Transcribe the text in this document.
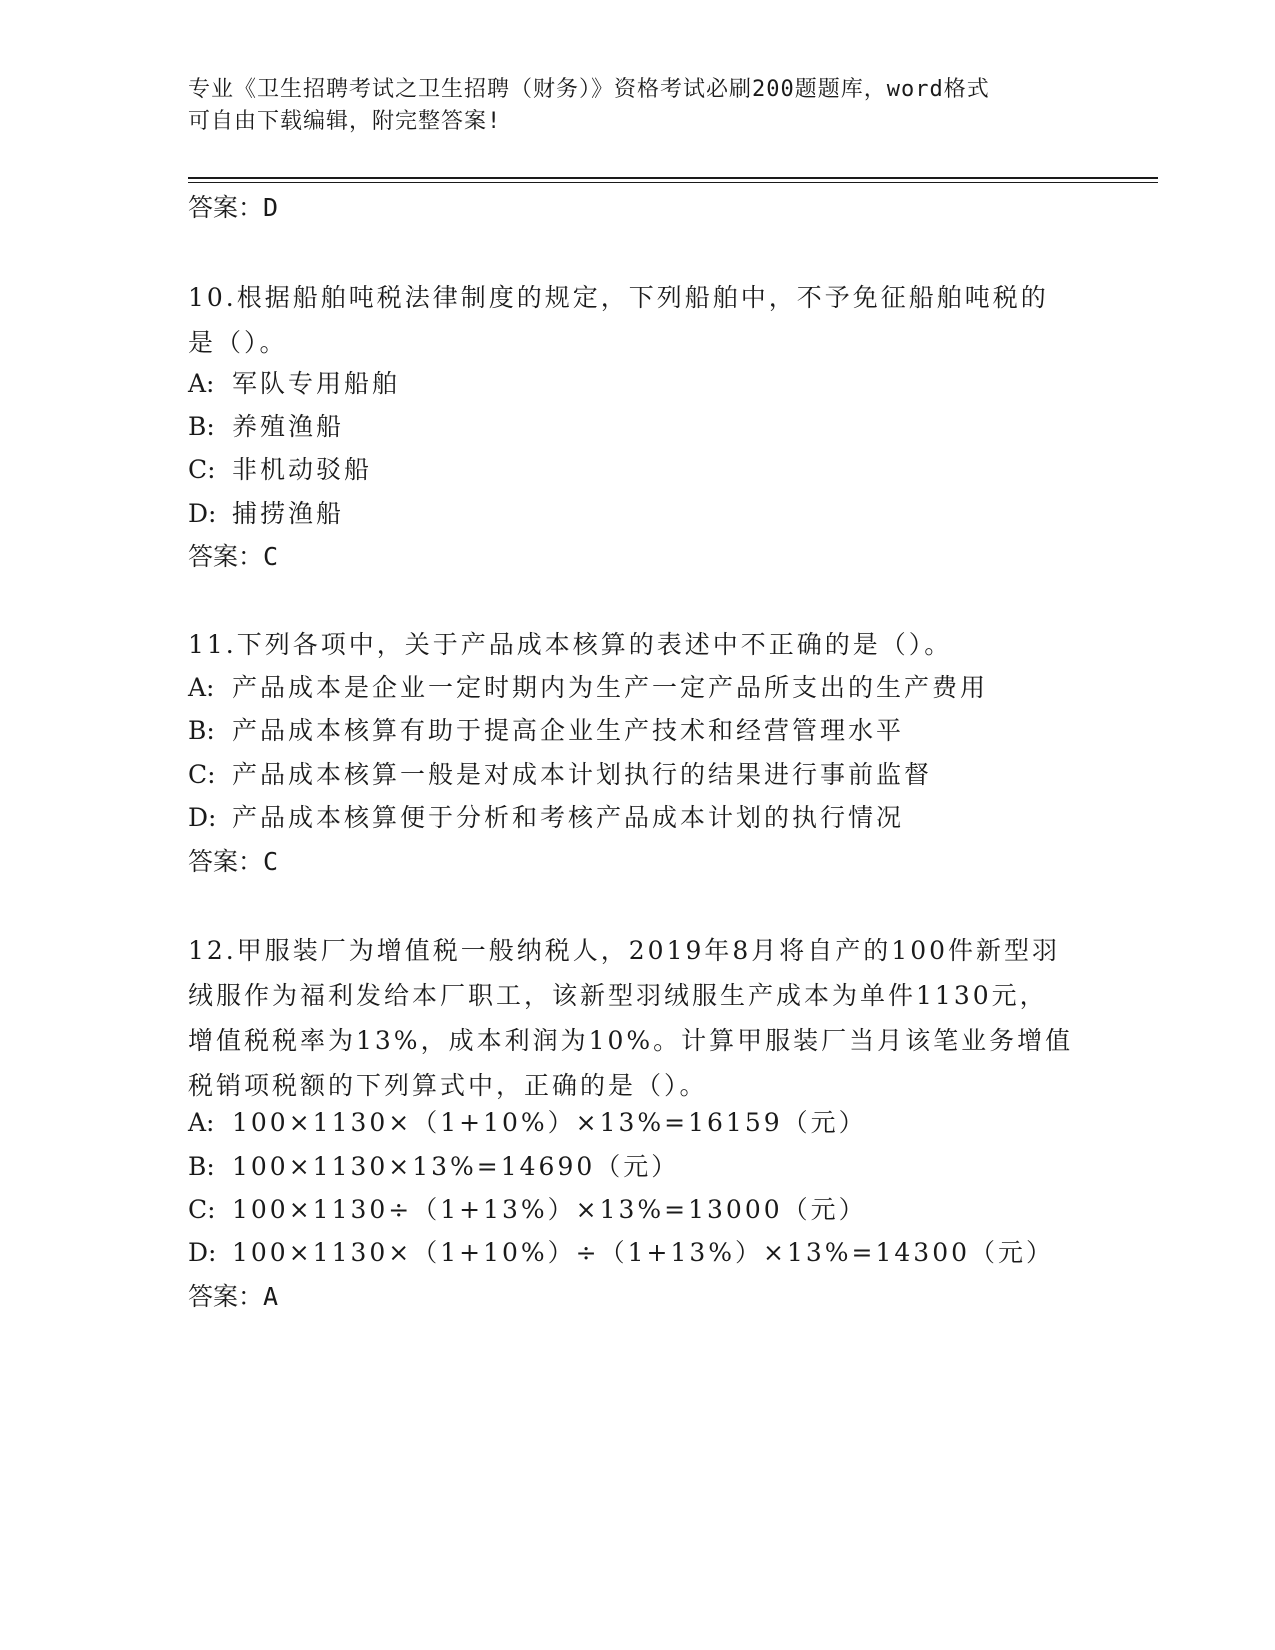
专业《卫生招聘考试之卫生招聘（财务）》资格考试必刷200题题库，word格式
可自由下载编辑，附完整答案!
答案：D
10.根据船舶吨税法律制度的规定，下列船舶中，不予免征船舶吨税的
是（）。
A: 军队专用船舶
B: 养殖渔船
C: 非机动驳船
D: 捕捞渔船
答案：C
11.下列各项中，关于产品成本核算的表述中不正确的是（）。
A: 产品成本是企业一定时期内为生产一定产品所支出的生产费用
B: 产品成本核算有助于提高企业生产技术和经营管理水平
C: 产品成本核算一般是对成本计划执行的结果进行事前监督
D: 产品成本核算便于分析和考核产品成本计划的执行情况
答案：C
12.甲服装厂为增值税一般纳税人，2019年8月将自产的100件新型羽
绒服作为福利发给本厂职工，该新型羽绒服生产成本为单件1130元，
增值税税率为13%，成本利润为10%。计算甲服装厂当月该笔业务增值
税销项税额的下列算式中，正确的是（）。
A: 100×1130×（1+10%）×13%=16159（元）
B: 100×1130×13%=14690（元）
C: 100×1130÷（1+13%）×13%=13000（元）
D: 100×1130×（1+10%）÷（1+13%）×13%=14300（元）
答案：A
